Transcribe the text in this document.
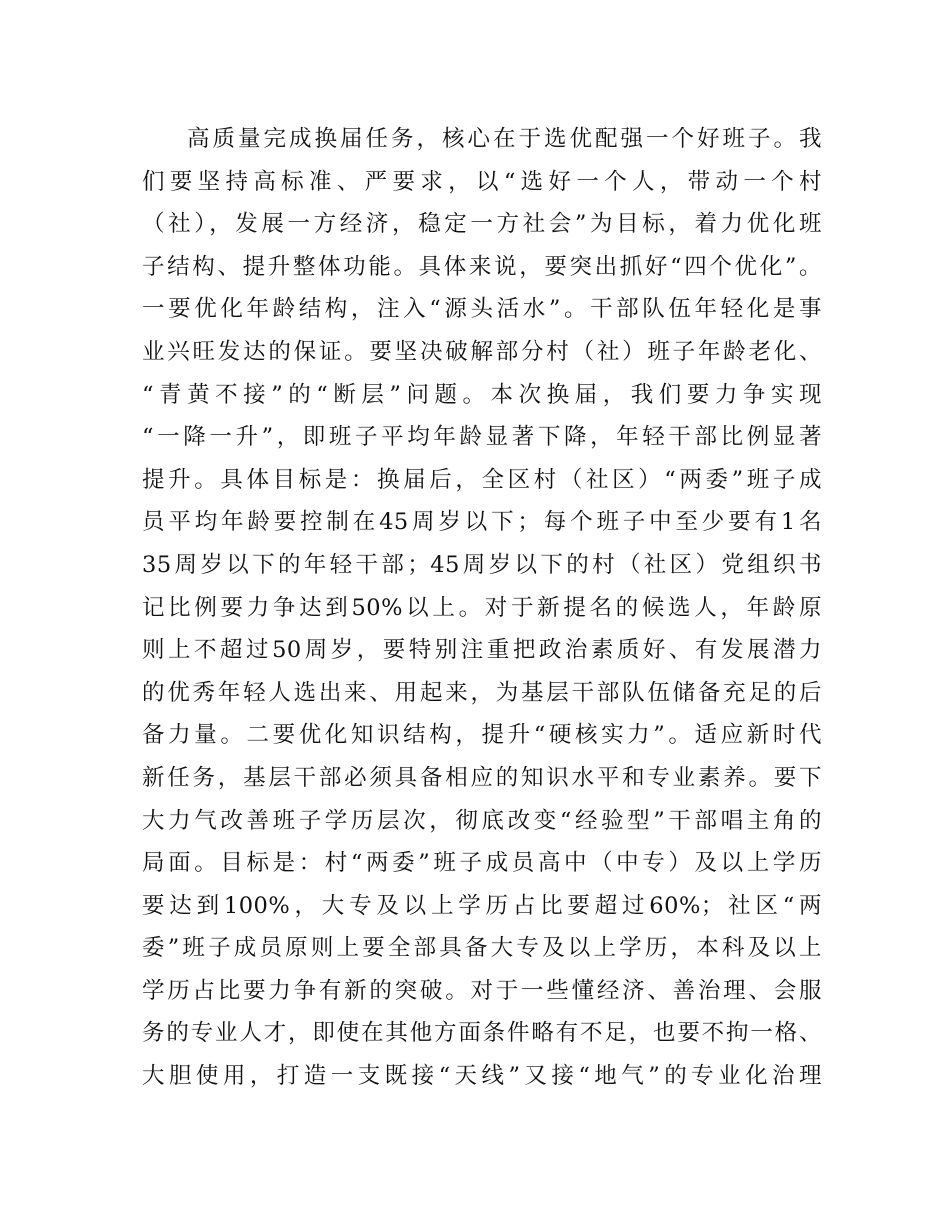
高质量完成换届任务，核心在于选优配强一个好班子。我
们要坚持高标准、严要求，以“选好一个人，带动一个村
（社），发展一方经济，稳定一方社会”为目标，着力优化班
子结构、提升整体功能。具体来说，要突出抓好“四个优化”。
一要优化年龄结构，注入“源头活水”。干部队伍年轻化是事
业兴旺发达的保证。要坚决破解部分村（社）班子年龄老化、
“青黄不接”的“断层”问题。本次换届，我们要力争实现
“一降一升”，即班子平均年龄显著下降，年轻干部比例显著
提升。具体目标是：换届后，全区村（社区）“两委”班子成
员平均年龄要控制在45周岁以下；每个班子中至少要有1名
35周岁以下的年轻干部；45周岁以下的村（社区）党组织书
记比例要力争达到50%以上。对于新提名的候选人，年龄原
则上不超过50周岁，要特别注重把政治素质好、有发展潜力
的优秀年轻人选出来、用起来，为基层干部队伍储备充足的后
备力量。二要优化知识结构，提升“硬核实力”。适应新时代
新任务，基层干部必须具备相应的知识水平和专业素养。要下
大力气改善班子学历层次，彻底改变“经验型”干部唱主角的
局面。目标是：村“两委”班子成员高中（中专）及以上学历
要达到100%，大专及以上学历占比要超过60%；社区“两
委”班子成员原则上要全部具备大专及以上学历，本科及以上
学历占比要力争有新的突破。对于一些懂经济、善治理、会服
务的专业人才，即使在其他方面条件略有不足，也要不拘一格、
大胆使用，打造一支既接“天线”又接“地气”的专业化治理
